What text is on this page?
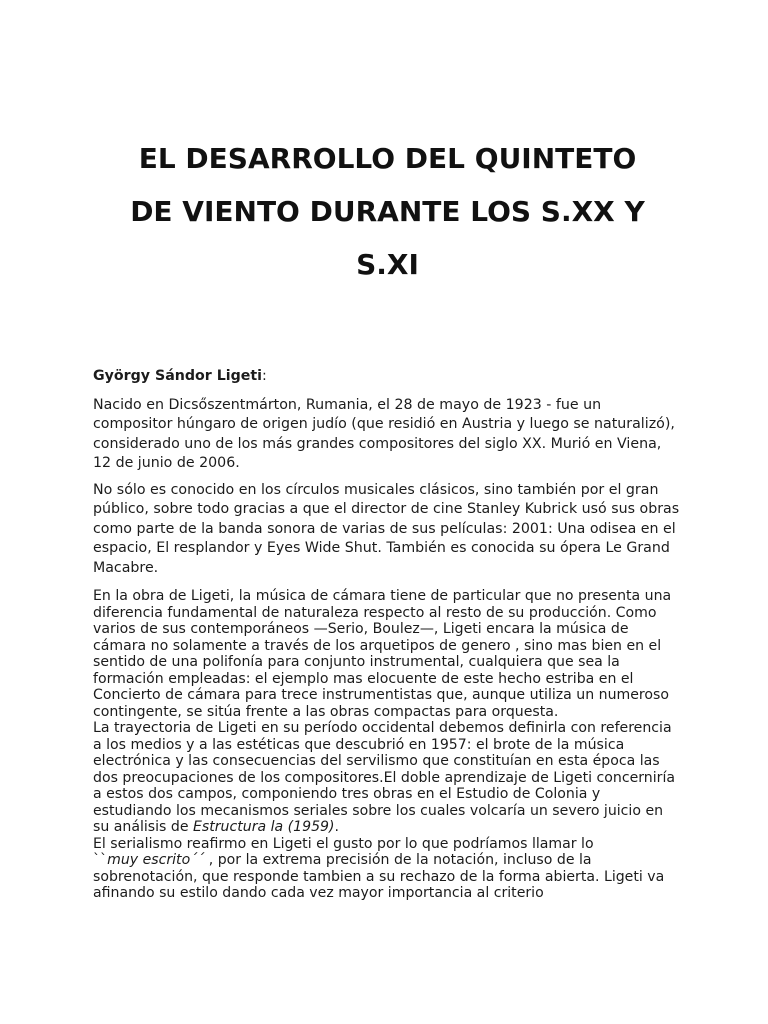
EL DESARROLLO DEL QUINTETO
DE VIENTO DURANTE LOS S.XX Y
S.XI
György Sándor Ligeti:

Nacido en Dicsőszentmárton, Rumania, el 28 de mayo de 1923 - fue un compositor húngaro de origen judío (que residió en Austria y luego se naturalizó), considerado uno de los más grandes compositores del siglo XX. Murió en Viena, 12 de junio de 2006.

No sólo es conocido en los círculos musicales clásicos, sino también por el gran público, sobre todo gracias a que el director de cine Stanley Kubrick usó sus obras como parte de la banda sonora de varias de sus películas: 2001: Una odisea en el espacio, El resplandor y Eyes Wide Shut. También es conocida su ópera Le Grand Macabre.

En la obra de Ligeti, la música de cámara tiene de particular que no presenta una diferencia fundamental de naturaleza respecto al resto de su producción. Como varios de sus contemporáneos —Serio, Boulez—, Ligeti encara la música de cámara no solamente a través de los arquetipos de genero , sino mas bien en el sentido de una polifonía para conjunto instrumental, cualquiera que sea la formación empleadas: el ejemplo mas elocuente de este hecho estriba en el Concierto de cámara para trece instrumentistas que, aunque utiliza un numeroso contingente, se sitúa frente a las obras compactas para orquesta.

La trayectoria de Ligeti en su período occidental debemos definirla con referencia a los medios y a las estéticas que descubrió en 1957: el brote de la música electrónica y las consecuencias del servilismo que constituían en esta época las dos preocupaciones de los compositores.El doble aprendizaje de Ligeti concerniría a estos dos campos, componiendo tres obras en el Estudio de Colonia y estudiando los mecanismos seriales sobre los cuales volcaría un severo juicio en su análisis de Estructura la (1959).

El serialismo reafirmo en Ligeti el gusto por lo que podríamos llamar lo
``muy escrito´´ , por la extrema precisión de la notación, incluso de la sobrenotación, que responde tambien a su rechazo de la forma abierta. Ligeti va afinando su estilo dando cada vez mayor importancia al criterio
